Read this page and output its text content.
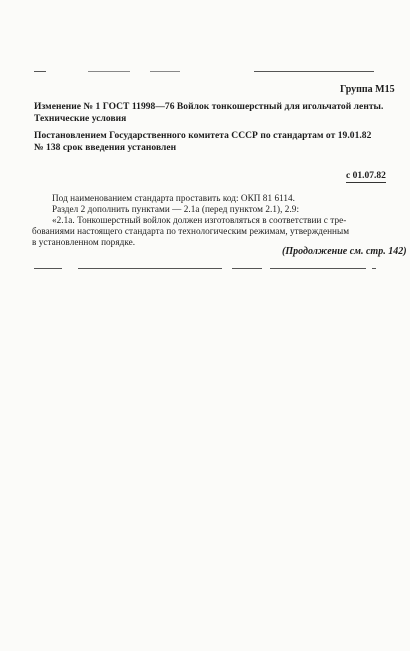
Группа М15
Изменение № 1 ГОСТ 11998—76 Войлок тонкошерстный для игольчатой ленты.
Технические условия
Постановлением Государственного комитета СССР по стандартам от 19.01.82
№ 138 срок введения установлен
с 01.07.82
Под наименованием стандарта проставить код: ОКП 81 6114.
Раздел 2 дополнить пунктами — 2.1а (перед пунктом 2.1), 2.9:
«2.1а. Тонкошерстный войлок должен изготовляться в соответствии с тре-
бованиями настоящего стандарта по технологическим режимам, утвержденным
в установленном порядке.
(Продолжение см. стр. 142)
